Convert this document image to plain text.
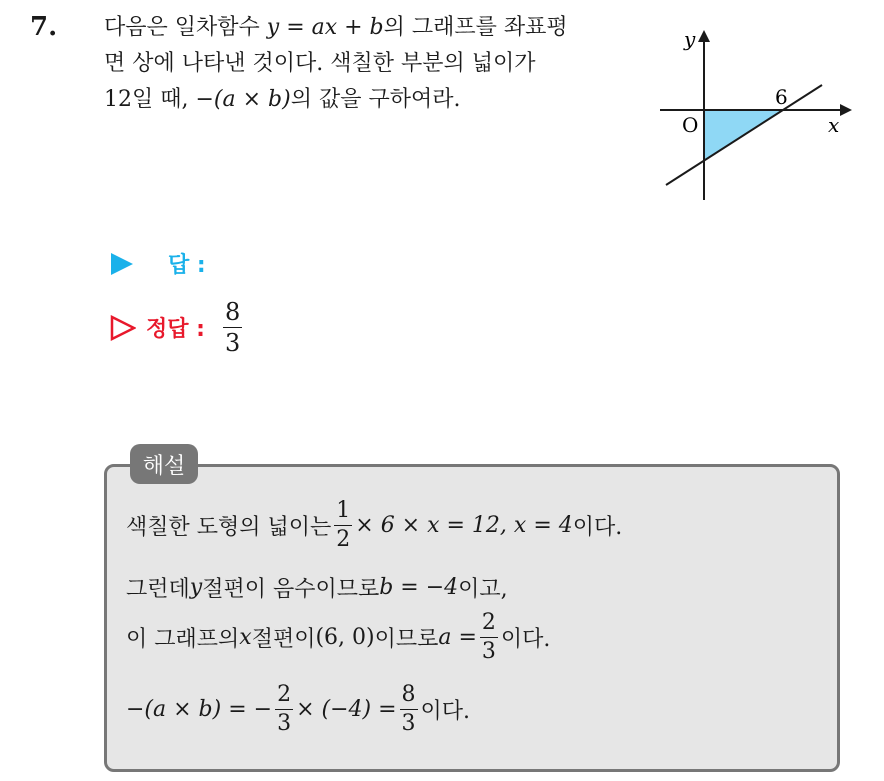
7. 다음은 일차함수 y = ax + b의 그래프를 좌표평
면 상에 나타낸 것이다. 색칠한 부분의 넓이가
12일 때, −(a × b)의 값을 구하여라.
y
x
O
6
답 :
정답 : $\frac{8}{3}$
해설
색칠한 도형의 넓이는 $\frac{1}{2} \times 6 \times x = 12$, x = 4 이다.
그런데 y 절편이 음수이므로 b = −4 이고,
이 그래프의 x 절편이 (6, 0) 이므로 $a = \frac{2}{3}$ 이다.
−(a × b) = − $\frac{2}{3} \times (-4) = \frac{8}{3}$ 이다.
